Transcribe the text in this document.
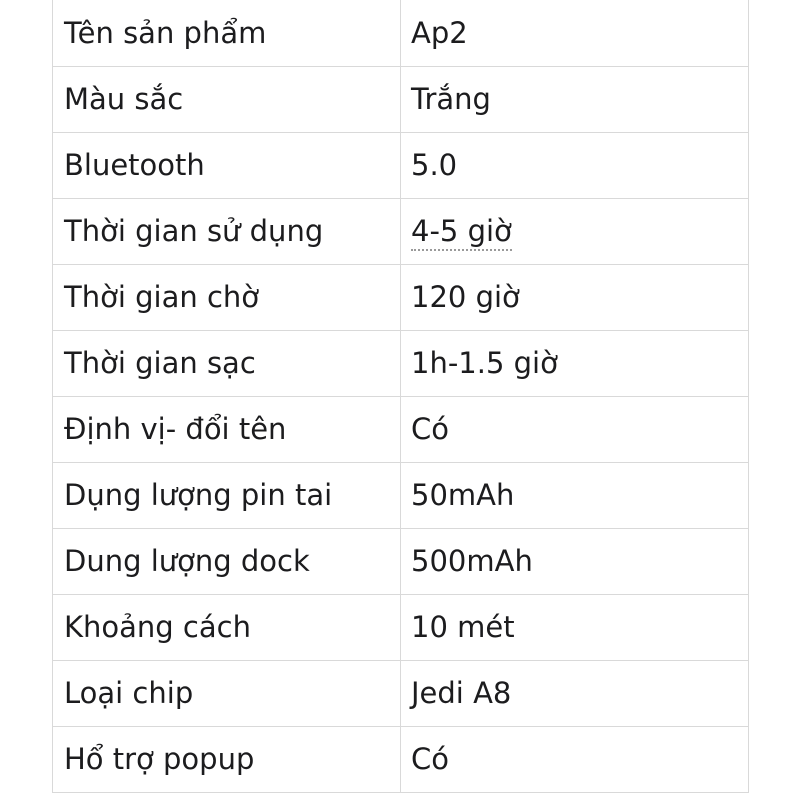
Tên sản phẩm	Ap2
Màu sắc	Trắng
Bluetooth	5.0
Thời gian sử dụng	4-5 giờ
Thời gian chờ	120 giờ
Thời gian sạc	1h-1.5 giờ
Định vị- đổi tên	Có
Dụng lượng pin tai	50mAh
Dung lượng dock	500mAh
Khoảng cách	10 mét
Loại chip	Jedi A8
Hổ trợ popup	Có
